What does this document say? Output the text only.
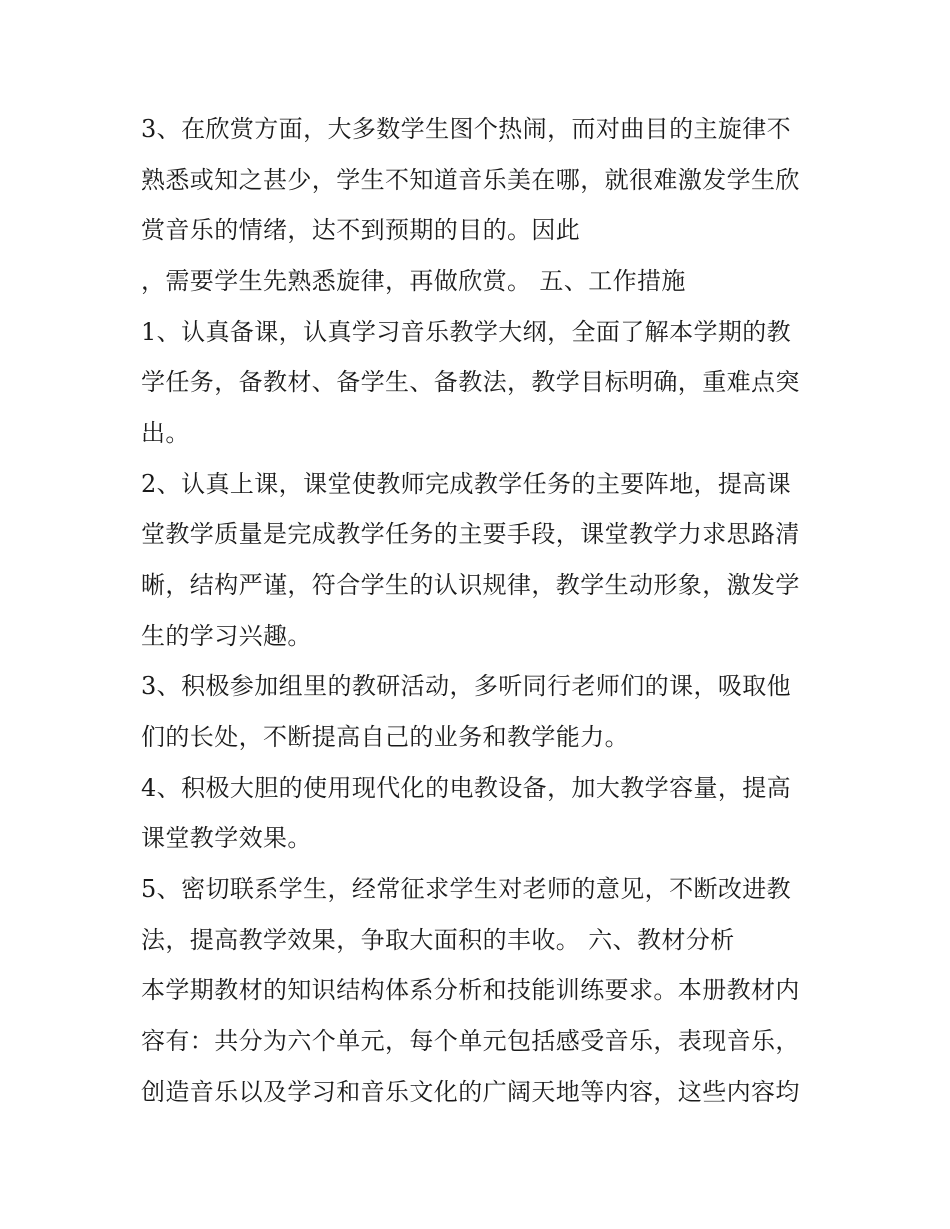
3、在欣赏方面，大多数学生图个热闹，而对曲目的主旋律不
熟悉或知之甚少，学生不知道音乐美在哪，就很难激发学生欣
赏音乐的情绪，达不到预期的目的。因此
，需要学生先熟悉旋律，再做欣赏。 五、工作措施
1、认真备课，认真学习音乐教学大纲，全面了解本学期的教
学任务，备教材、备学生、备教法，教学目标明确，重难点突
出。
2、认真上课，课堂使教师完成教学任务的主要阵地，提高课
堂教学质量是完成教学任务的主要手段，课堂教学力求思路清
晰，结构严谨，符合学生的认识规律，教学生动形象，激发学
生的学习兴趣。
3、积极参加组里的教研活动，多听同行老师们的课，吸取他
们的长处，不断提高自己的业务和教学能力。
4、积极大胆的使用现代化的电教设备，加大教学容量，提高
课堂教学效果。
5、密切联系学生，经常征求学生对老师的意见，不断改进教
法，提高教学效果，争取大面积的丰收。 六、教材分析
本学期教材的知识结构体系分析和技能训练要求。本册教材内
容有：共分为六个单元，每个单元包括感受音乐，表现音乐，
创造音乐以及学习和音乐文化的广阔天地等内容，这些内容均
